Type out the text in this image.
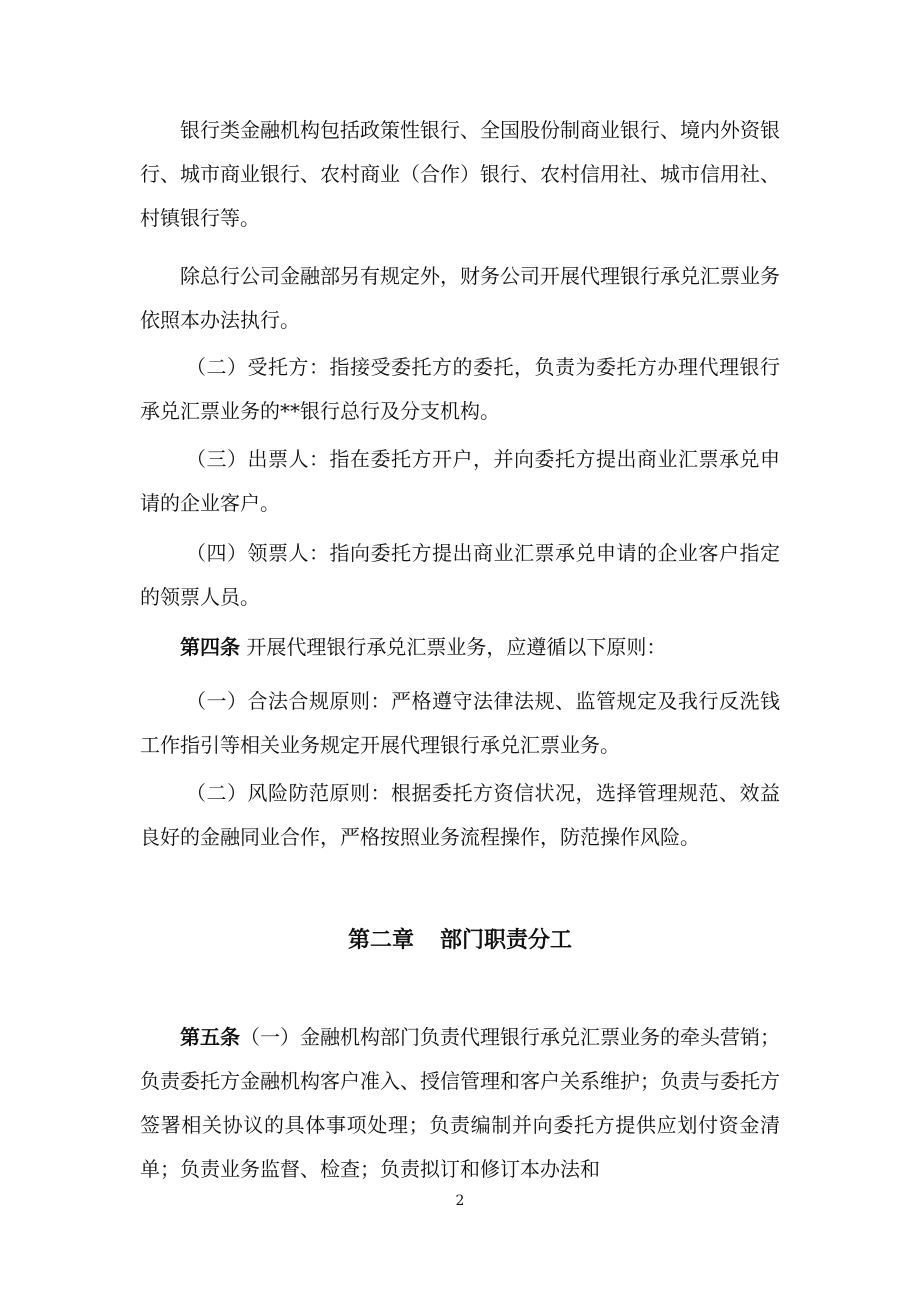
银行类金融机构包括政策性银行、全国股份制商业银行、境内外资银行、城市商业银行、农村商业（合作）银行、农村信用社、城市信用社、村镇银行等。

除总行公司金融部另有规定外，财务公司开展代理银行承兑汇票业务依照本办法执行。

（二）受托方：指接受委托方的委托，负责为委托方办理代理银行承兑汇票业务的**银行总行及分支机构。

（三）出票人：指在委托方开户，并向委托方提出商业汇票承兑申请的企业客户。

（四）领票人：指向委托方提出商业汇票承兑申请的企业客户指定的领票人员。

第四条 开展代理银行承兑汇票业务，应遵循以下原则：

（一）合法合规原则：严格遵守法律法规、监管规定及我行反洗钱工作指引等相关业务规定开展代理银行承兑汇票业务。

（二）风险防范原则：根据委托方资信状况，选择管理规范、效益良好的金融同业合作，严格按照业务流程操作，防范操作风险。

第二章 部门职责分工

第五条（一）金融机构部门负责代理银行承兑汇票业务的牵头营销；负责委托方金融机构客户准入、授信管理和客户关系维护；负责与委托方签署相关协议的具体事项处理；负责编制并向委托方提供应划付资金清单；负责业务监督、检查；负责拟订和修订本办法和

2
